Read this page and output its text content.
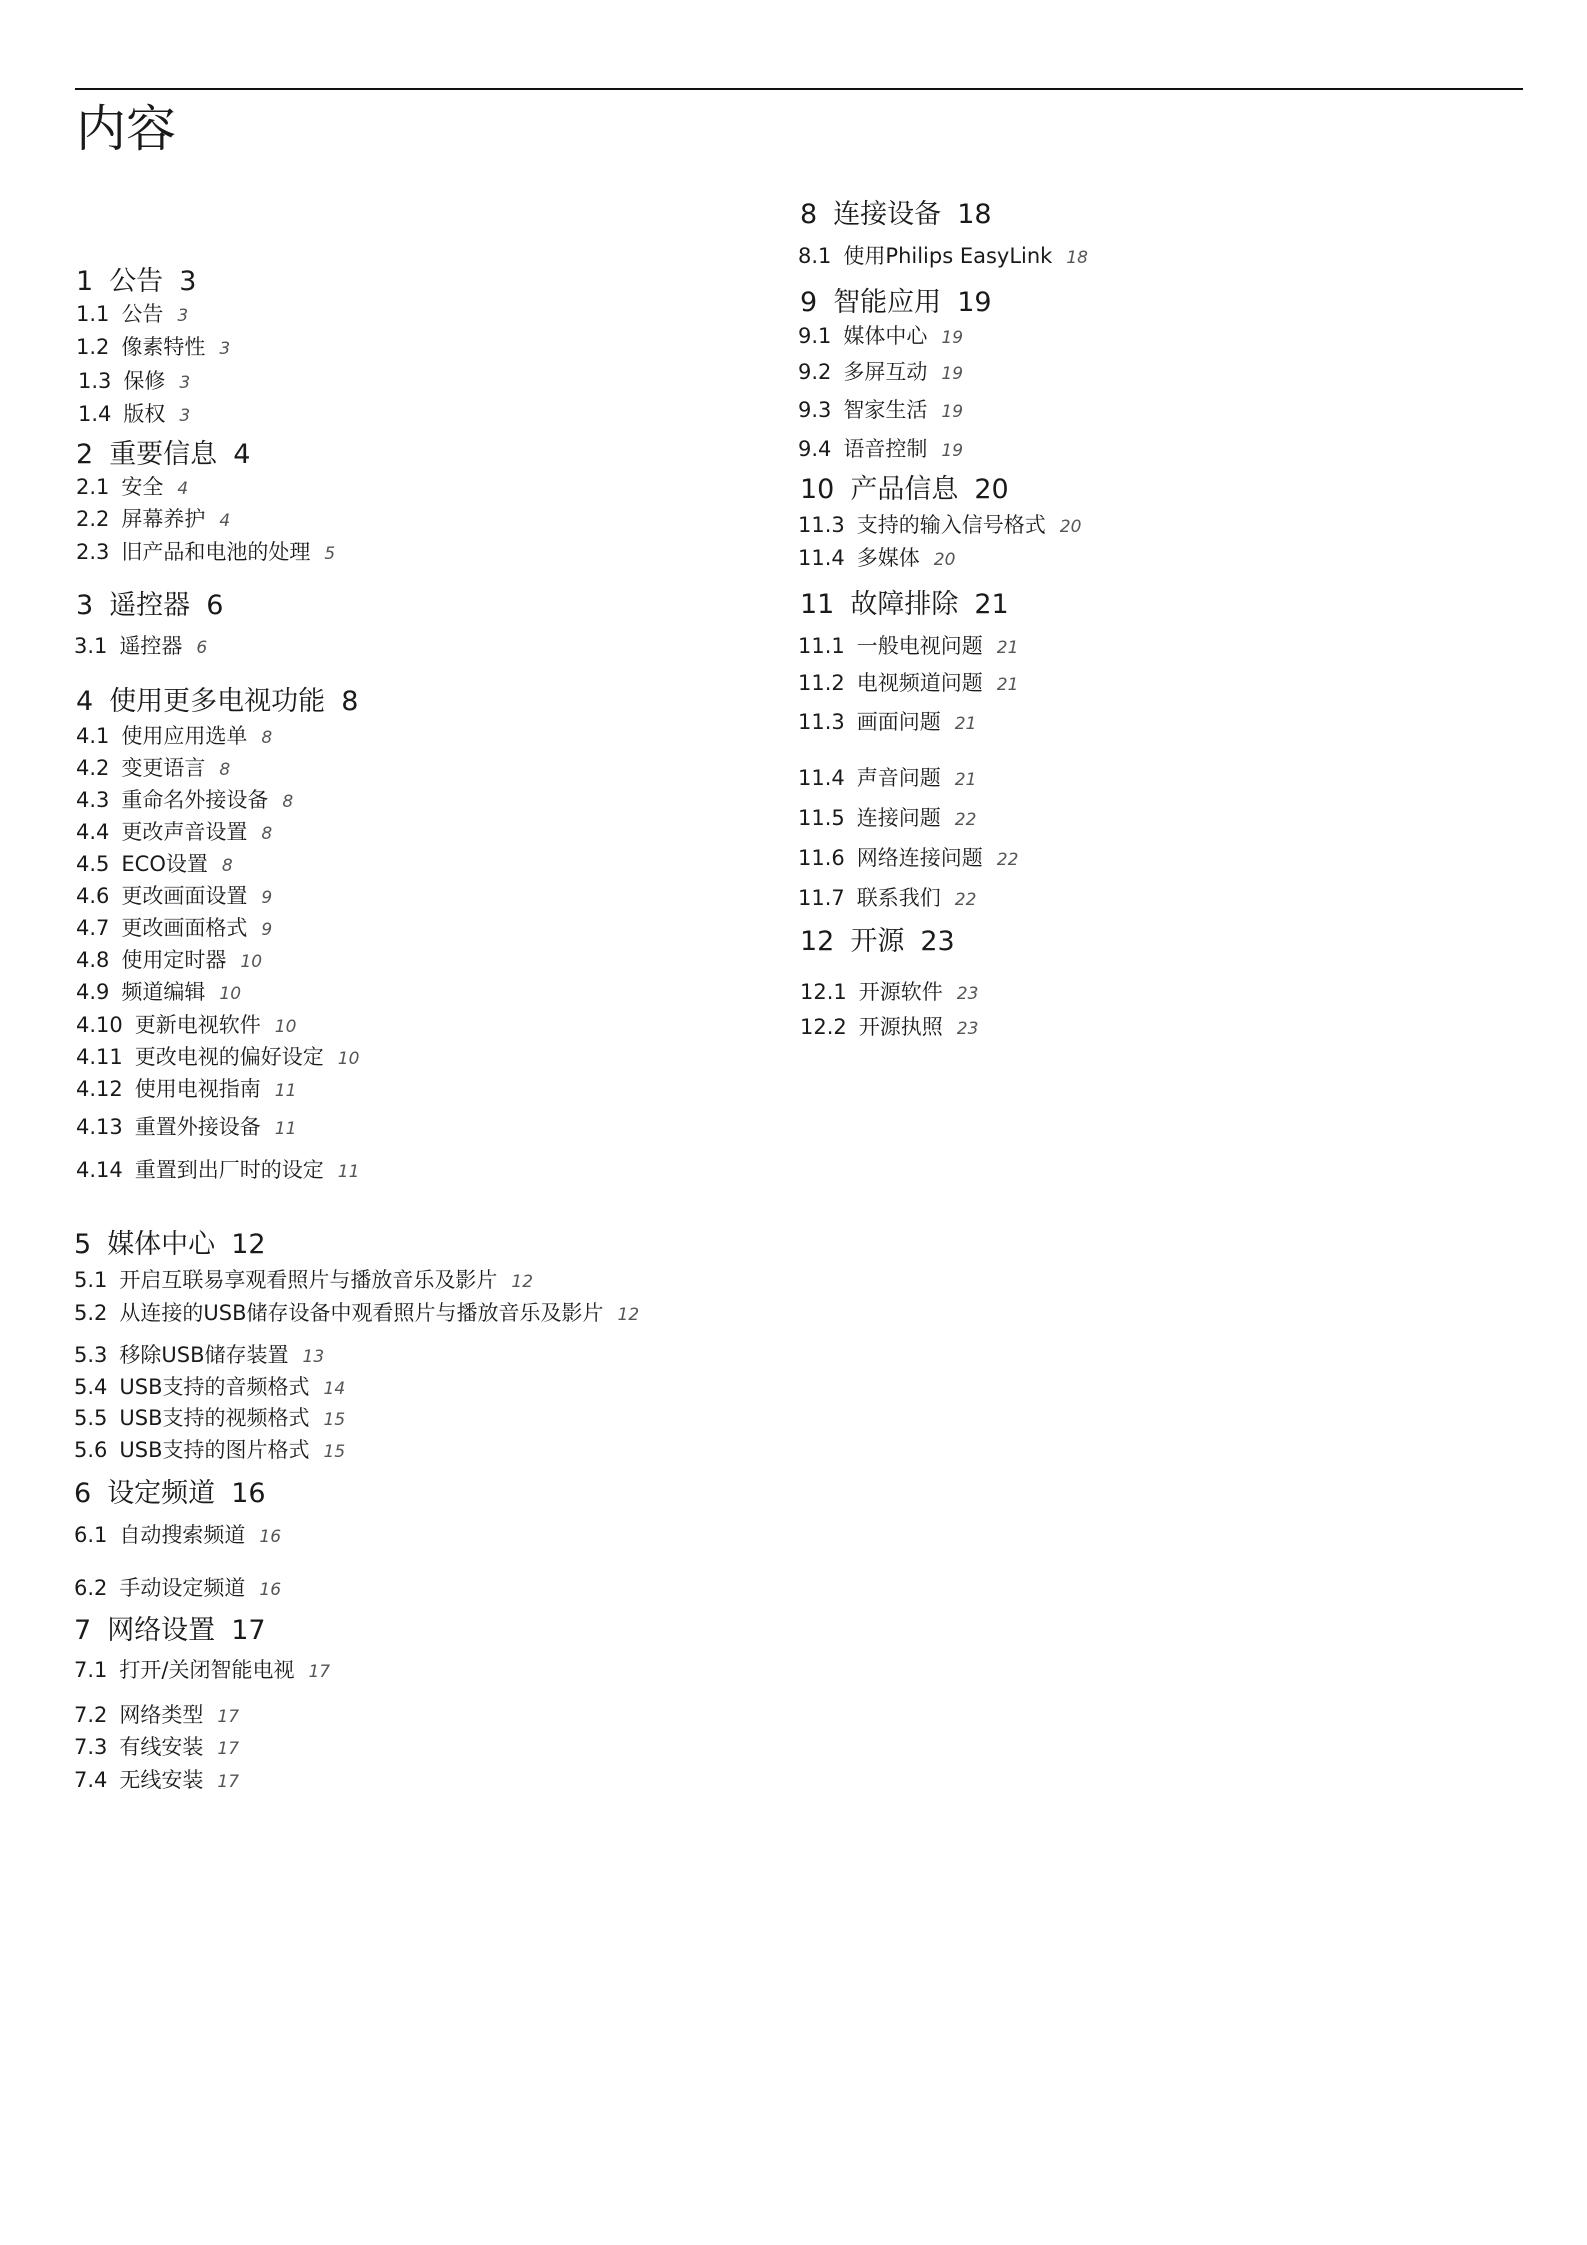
内容
1 公告 3
1.1 公告 3
1.2 像素特性 3
1.3 保修 3
1.4 版权 3
2 重要信息 4
2.1 安全 4
2.2 屏幕养护 4
2.3 旧产品和电池的处理 5
3 遥控器 6
3.1 遥控器 6
4 使用更多电视功能 8
4.1 使用应用选单 8
4.2 变更语言 8
4.3 重命名外接设备 8
4.4 更改声音设置 8
4.5 ECO设置 8
4.6 更改画面设置 9
4.7 更改画面格式 9
4.8 使用定时器 10
4.9 频道编辑 10
4.10 更新电视软件 10
4.11 更改电视的偏好设定 10
4.12 使用电视指南 11
4.13 重置外接设备 11
4.14 重置到出厂时的设定 11
5 媒体中心 12
5.1 开启互联易享观看照片与播放音乐及影片 12
5.2 从连接的USB储存设备中观看照片与播放音乐及影片 12
5.3 移除USB储存装置 13
5.4 USB支持的音频格式 14
5.5 USB支持的视频格式 15
5.6 USB支持的图片格式 15
6 设定频道 16
6.1 自动搜索频道 16
6.2 手动设定频道 16
7 网络设置 17
7.1 打开/关闭智能电视 17
7.2 网络类型 17
7.3 有线安装 17
7.4 无线安装 17
8 连接设备 18
8.1 使用Philips EasyLink 18
9 智能应用 19
9.1 媒体中心 19
9.2 多屏互动 19
9.3 智家生活 19
9.4 语音控制 19
10 产品信息 20
11.3 支持的输入信号格式 20
11.4 多媒体 20
11 故障排除 21
11.1 一般电视问题 21
11.2 电视频道问题 21
11.3 画面问题 21
11.4 声音问题 21
11.5 连接问题 22
11.6 网络连接问题 22
11.7 联系我们 22
12 开源 23
12.1 开源软件 23
12.2 开源执照 23
